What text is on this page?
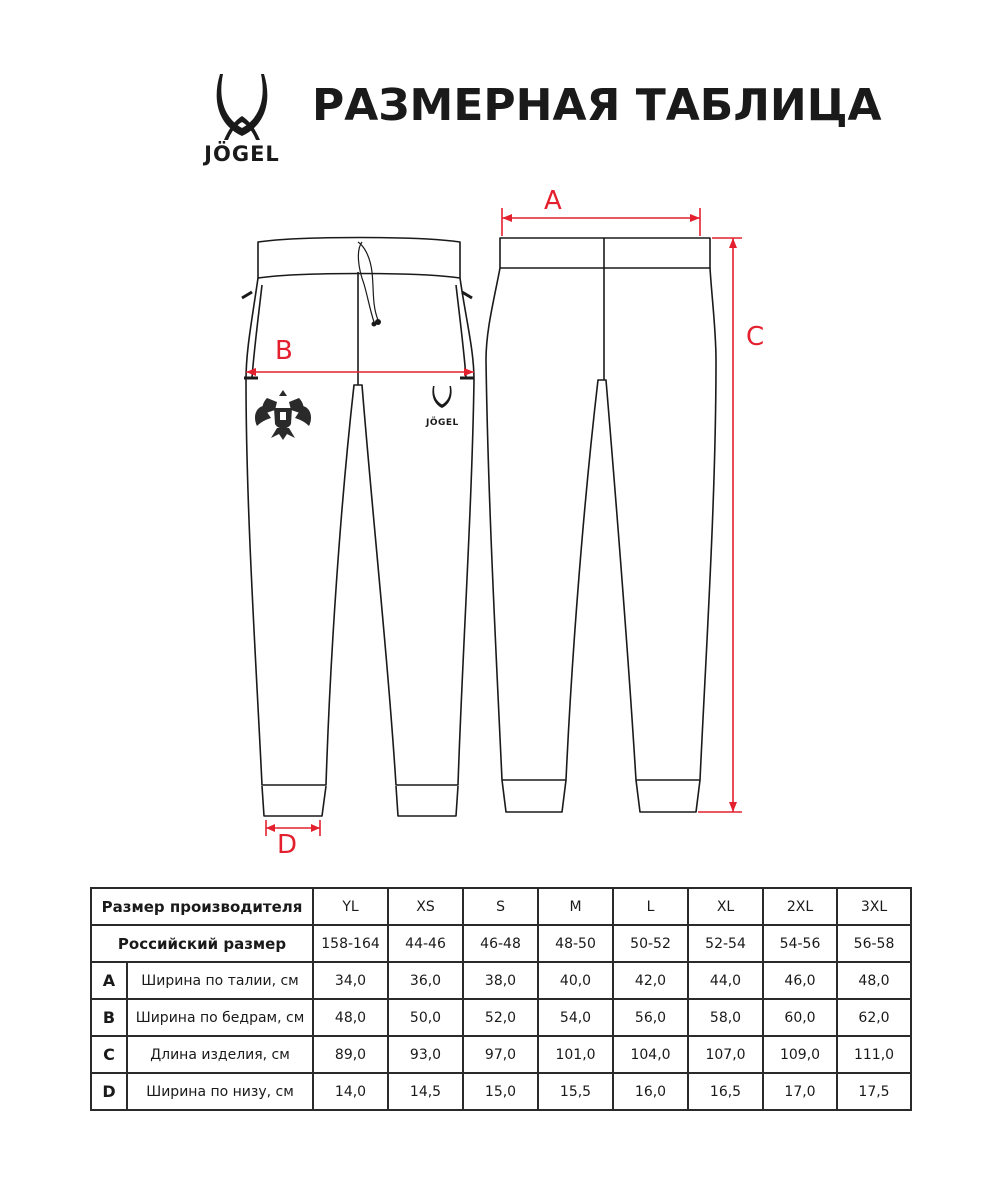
JÖGEL
РАЗМЕРНАЯ ТАБЛИЦА
JÖGEL
A
B	C
D
Размер производителя		YL	XS	S	M	L	XL	2XL	3XL
Российский размер		158-164	44-46	46-48	48-50	50-52	52-54	54-56	56-58
A	Ширина по талии, см	34,0	36,0	38,0	40,0	42,0	44,0	46,0	48,0
B	Ширина по бедрам, см	48,0	50,0	52,0	54,0	56,0	58,0	60,0	62,0
C	Длина изделия, см	89,0	93,0	97,0	101,0	104,0	107,0	109,0	111,0
D	Ширина по низу, см	14,0	14,5	15,0	15,5	16,0	16,5	17,0	17,5
